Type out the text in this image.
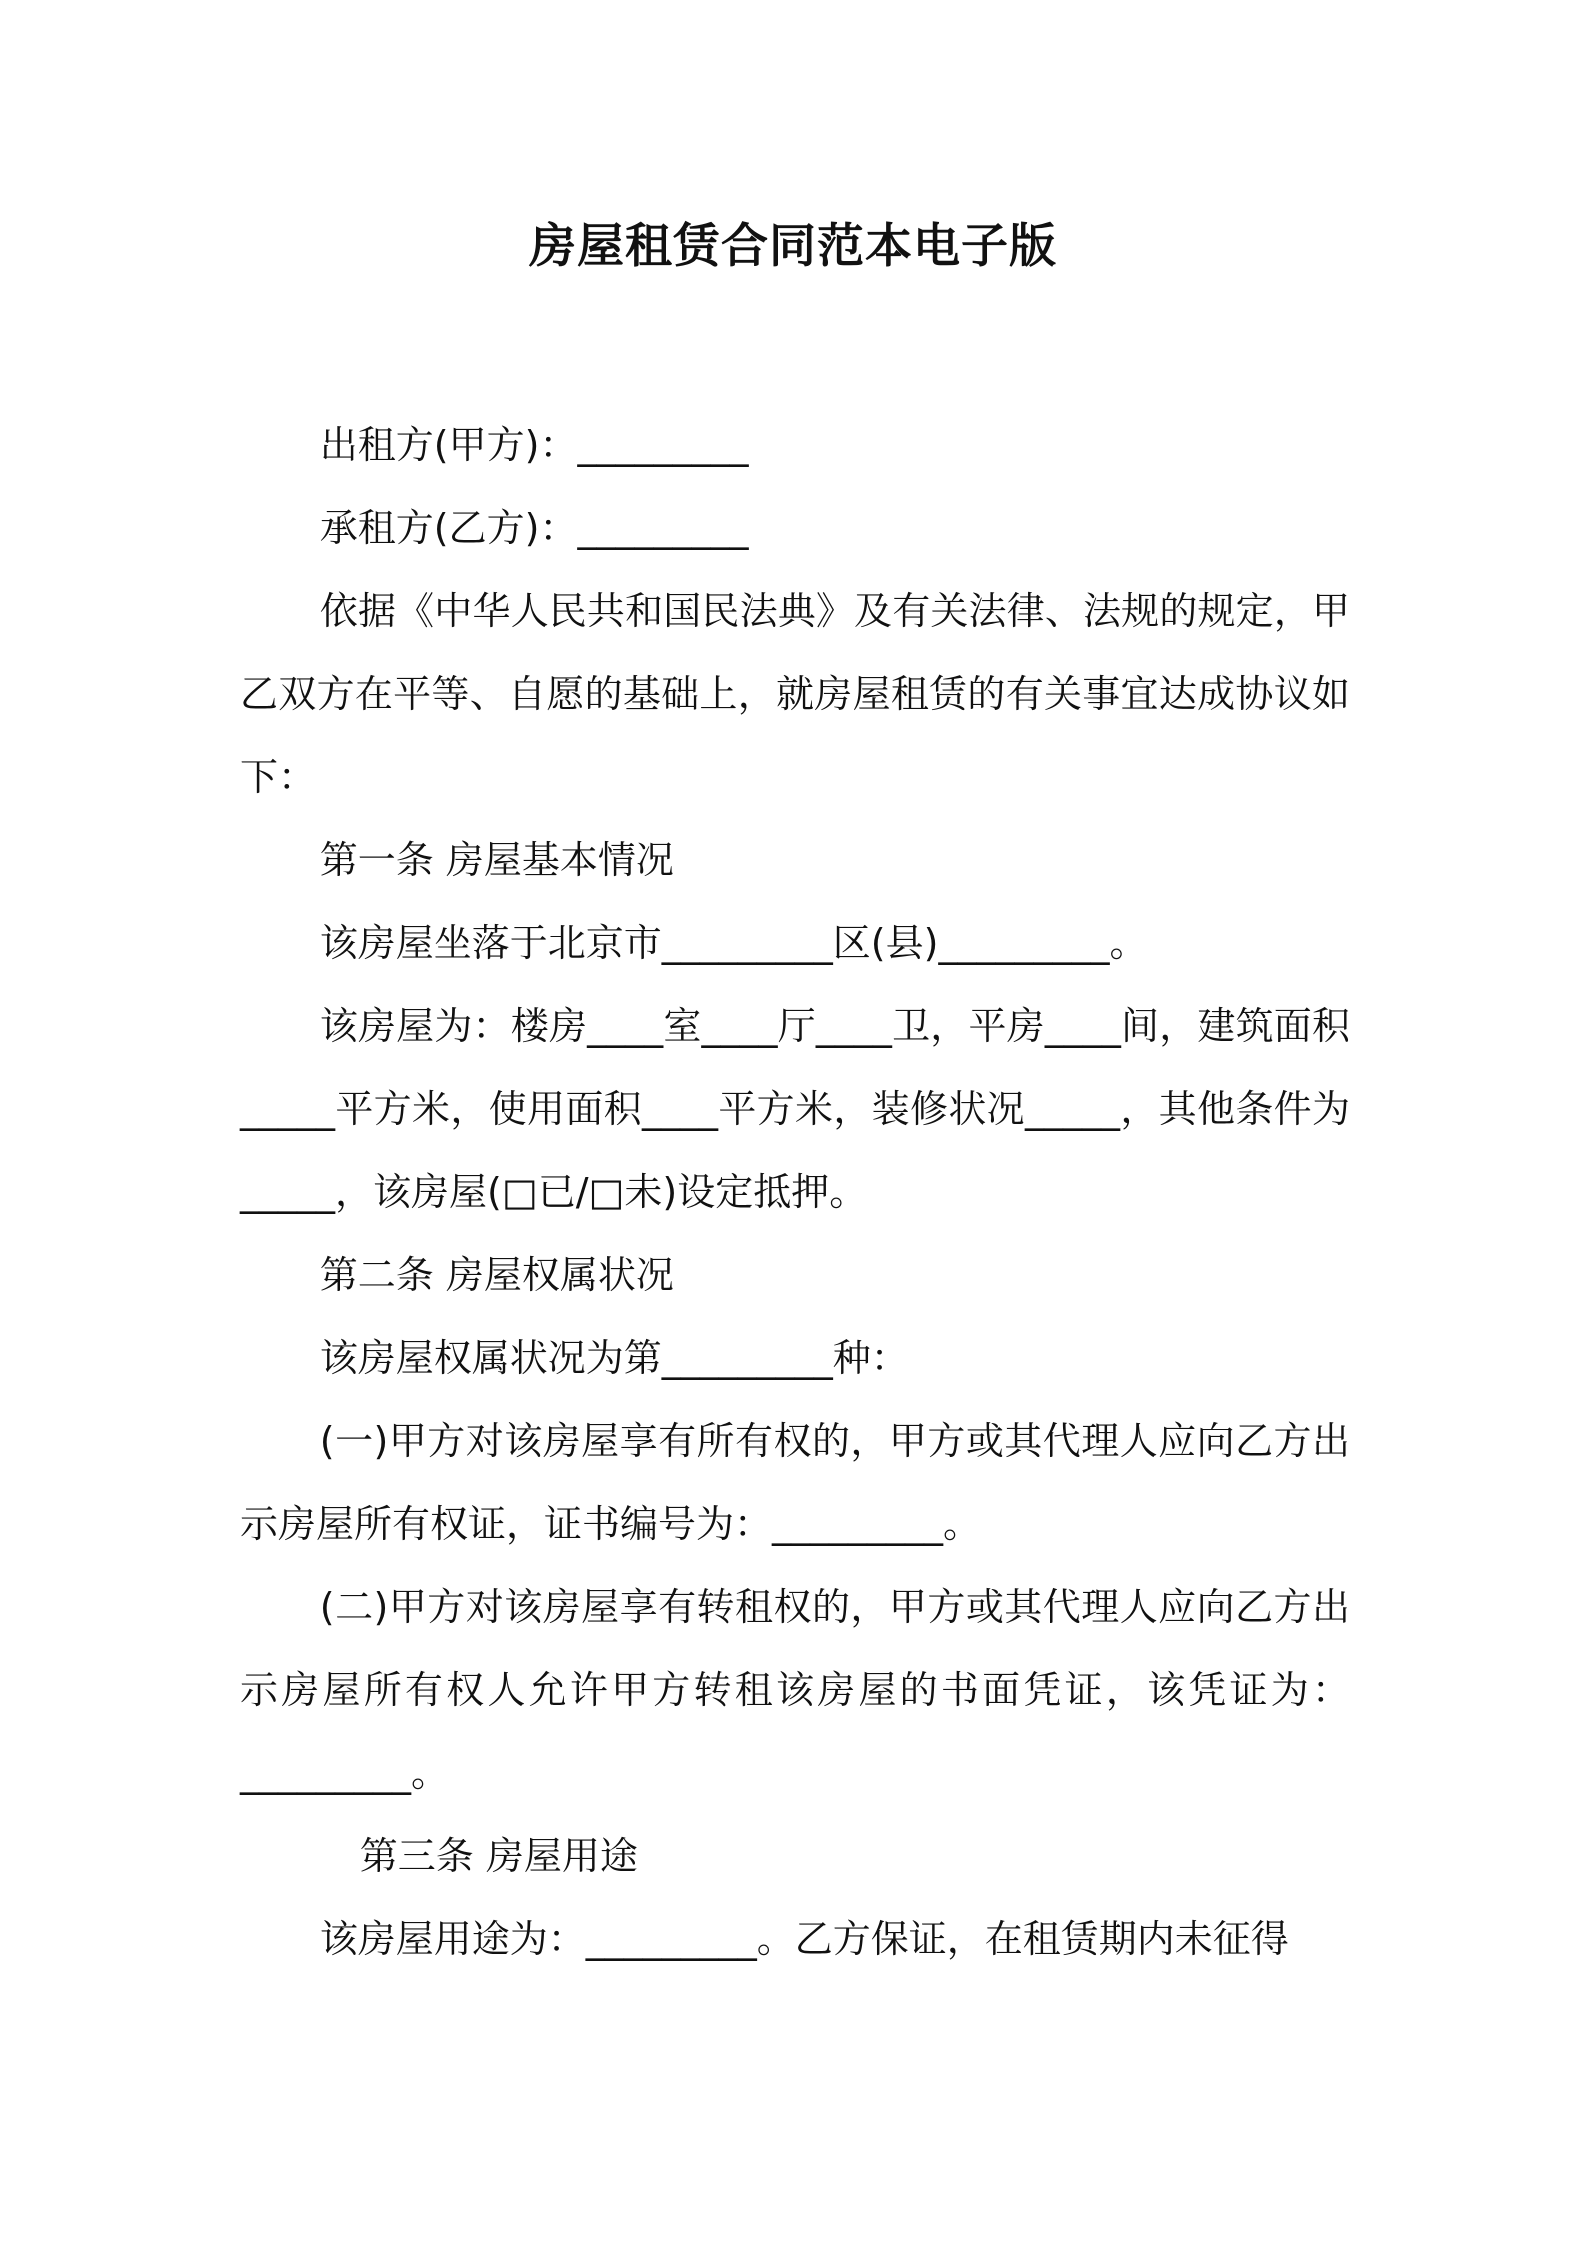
房屋租赁合同范本电子版

出租方(甲方)：_________

承租方(乙方)：_________

依据《中华人民共和国民法典》及有关法律、法规的规定，甲乙双方在平等、自愿的基础上，就房屋租赁的有关事宜达成协议如下：

第一条 房屋基本情况

该房屋坐落于北京市_________区(县)_________。

该房屋为：楼房____室____厅____卫，平房____间，建筑面积_____平方米，使用面积____平方米，装修状况_____，其他条件为_____，该房屋(□已/□未)设定抵押。

第二条 房屋权属状况

该房屋权属状况为第_________种：

(一)甲方对该房屋享有所有权的，甲方或其代理人应向乙方出示房屋所有权证，证书编号为：_________。

(二)甲方对该房屋享有转租权的，甲方或其代理人应向乙方出示房屋所有权人允许甲方转租该房屋的书面凭证，该凭证为：_________。

第三条 房屋用途

该房屋用途为：_________。乙方保证，在租赁期内未征得
